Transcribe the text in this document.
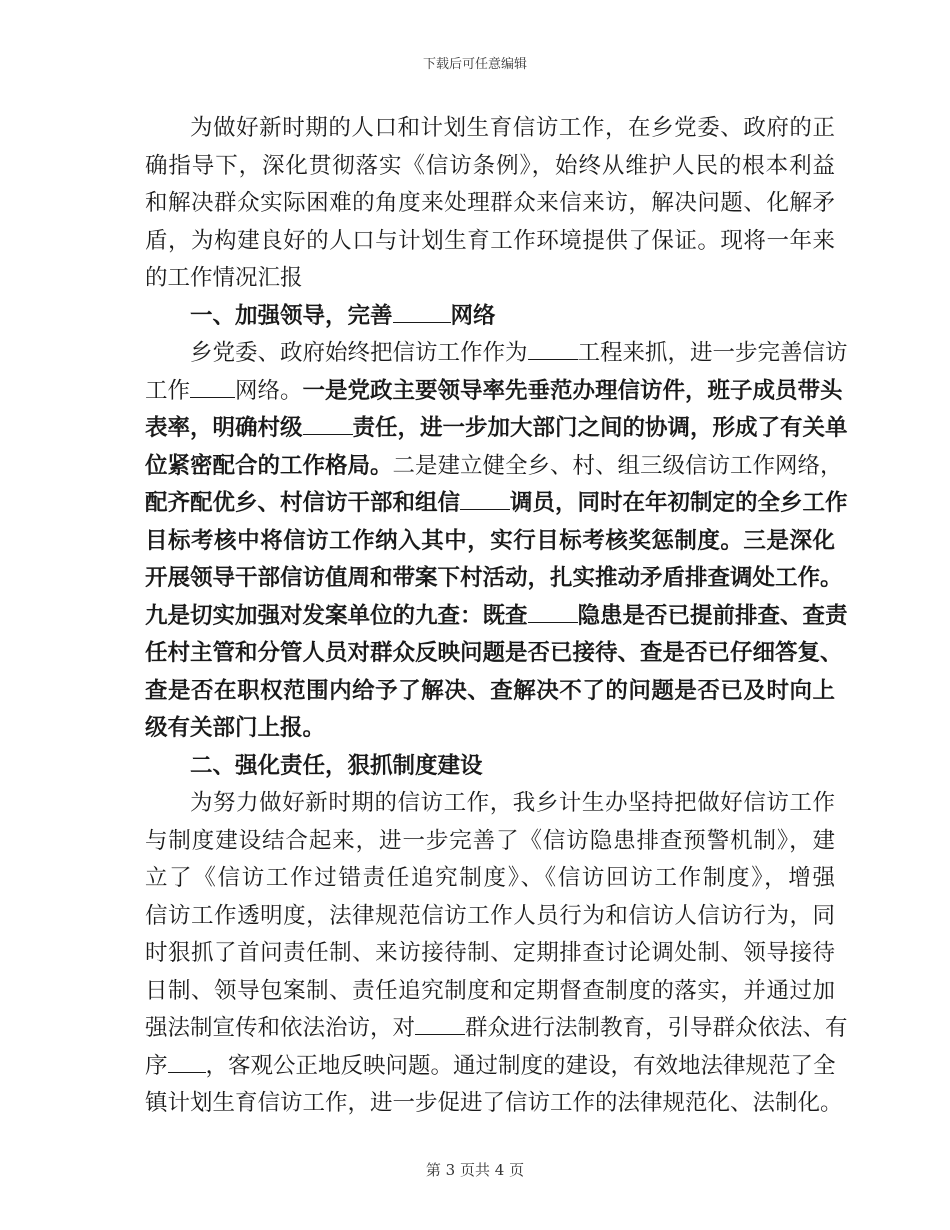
下载后可任意编辑
为做好新时期的人口和计划生育信访工作，在乡党委、政府的正
确指导下，深化贯彻落实《信访条例》，始终从维护人民的根本利益
和解决群众实际困难的角度来处理群众来信来访，解决问题、化解矛
盾，为构建良好的人口与计划生育工作环境提供了保证。现将一年来
的工作情况汇报
一、加强领导，完善	网络
乡党委、政府始终把信访工作作为 工程来抓，进一步完善信访
工作 网络。一是党政主要领导率先垂范办理信访件，班子成员带头
表率，明确村级 责任，进一步加大部门之间的协调，形成了有关单
位紧密配合的工作格局。二是建立健全乡、村、组三级信访工作网络，
配齐配优乡、村信访干部和组信 调员，同时在年初制定的全乡工作
目标考核中将信访工作纳入其中，实行目标考核奖惩制度。三是深化
开展领导干部信访值周和带案下村活动，扎实推动矛盾排查调处工作。
九是切实加强对发案单位的九查：既查 隐患是否已提前排查、查责
任村主管和分管人员对群众反映问题是否已接待、查是否已仔细答复、
查是否在职权范围内给予了解决、查解决不了的问题是否已及时向上
级有关部门上报。
二、强化责任，狠抓制度建设
为努力做好新时期的信访工作，我乡计生办坚持把做好信访工作
与制度建设结合起来，进一步完善了《信访隐患排查预警机制》，建
立了《信访工作过错责任追究制度》、《信访回访工作制度》，增强
信访工作透明度，法律规范信访工作人员行为和信访人信访行为，同
时狠抓了首问责任制、来访接待制、定期排查讨论调处制、领导接待
日制、领导包案制、责任追究制度和定期督查制度的落实，并通过加
强法制宣传和依法治访，对 群众进行法制教育，引导群众依法、有
序 ，客观公正地反映问题。通过制度的建设，有效地法律规范了全
镇计划生育信访工作，进一步促进了信访工作的法律规范化、法制化。
第 3 页共 4 页
